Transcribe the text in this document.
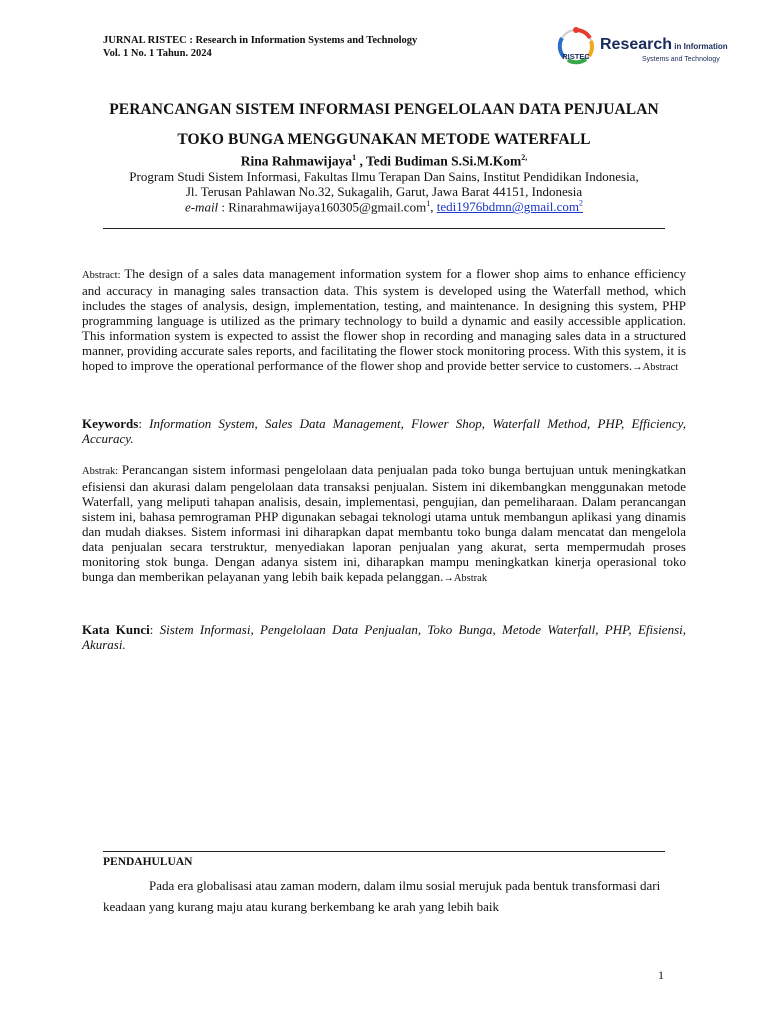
JURNAL RISTEC : Research in Information Systems and Technology
Vol. 1 No. 1 Tahun. 2024	RISTEC
Research in Information
Systems and Technology
PERANCANGAN SISTEM INFORMASI PENGELOLAAN DATA PENJUALAN
TOKO BUNGA MENGGUNAKAN METODE WATERFALL
Rina Rahmawijaya$^1$ , Tedi Budiman S.Si.M.Kom$^{2,}$
Program Studi Sistem Informasi, Fakultas Ilmu Terapan Dan Sains, Institut Pendidikan Indonesia,
Jl. Terusan Pahlawan No.32, Sukagalih, Garut, Jawa Barat 44151, Indonesia
e-mail : Rinarahmawijaya160305@gmail.com$^1$, tedi1976bdmn@gmail.com$^2$
Abstract: The design of a sales data management information system for a flower shop aims to enhance efficiency and accuracy in managing sales transaction data. This system is developed using the Waterfall method, which includes the stages of analysis, design, implementation, testing, and maintenance. In designing this system, PHP programming language is utilized as the primary technology to build a dynamic and easily accessible application. This information system is expected to assist the flower shop in recording and managing sales data in a structured manner, providing accurate sales reports, and facilitating the flower stock monitoring process. With this system, it is hoped to improve the operational performance of the flower shop and provide better service to customers.→Abstract
Keywords: Information System, Sales Data Management, Flower Shop, Waterfall Method, PHP, Efficiency, Accuracy.
Abstrak: Perancangan sistem informasi pengelolaan data penjualan pada toko bunga bertujuan untuk meningkatkan efisiensi dan akurasi dalam pengelolaan data transaksi penjualan. Sistem ini dikembangkan menggunakan metode Waterfall, yang meliputi tahapan analisis, desain, implementasi, pengujian, dan pemeliharaan. Dalam perancangan sistem ini, bahasa pemrograman PHP digunakan sebagai teknologi utama untuk membangun aplikasi yang dinamis dan mudah diakses. Sistem informasi ini diharapkan dapat membantu toko bunga dalam mencatat dan mengelola data penjualan secara terstruktur, menyediakan laporan penjualan yang akurat, serta mempermudah proses monitoring stok bunga. Dengan adanya sistem ini, diharapkan mampu meningkatkan kinerja operasional toko bunga dan memberikan pelayanan yang lebih baik kepada pelanggan.→Abstrak
Kata Kunci: Sistem Informasi, Pengelolaan Data Penjualan, Toko Bunga, Metode Waterfall, PHP, Efisiensi, Akurasi.
PENDAHULUAN
Pada era globalisasi atau zaman modern, dalam ilmu sosial merujuk pada bentuk transformasi dari keadaan yang kurang maju atau kurang berkembang ke arah yang lebih baik
1
